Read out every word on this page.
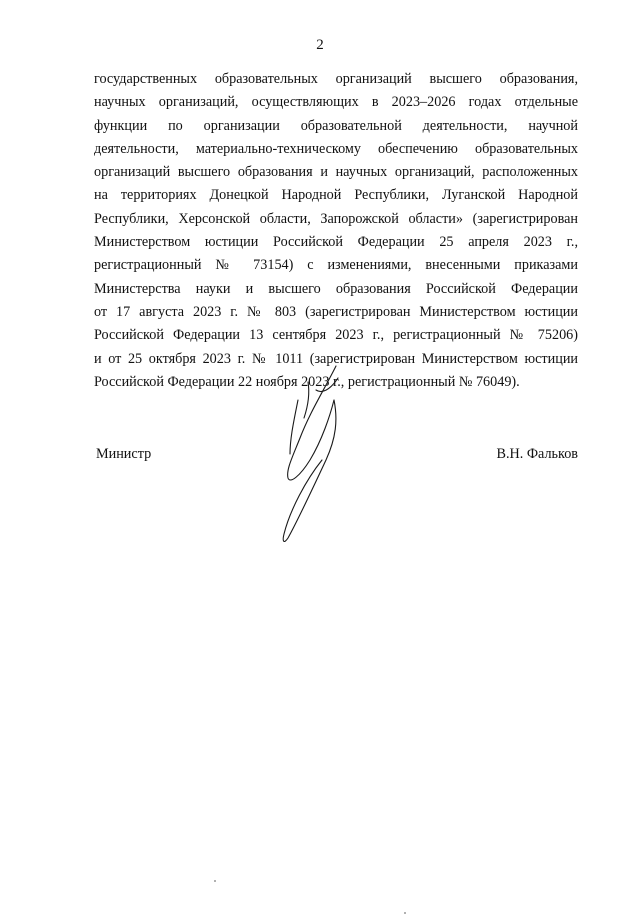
2
государственных образовательных организаций высшего образования,
научных организаций, осуществляющих в 2023–2026 годах отдельные
функции по организации образовательной деятельности, научной
деятельности, материально-техническому обеспечению образовательных
организаций высшего образования и научных организаций, расположенных
на территориях Донецкой Народной Республики, Луганской Народной
Республики, Херсонской области, Запорожской области» (зарегистрирован
Министерством юстиции Российской Федерации 25 апреля 2023 г.,
регистрационный № 73154) с изменениями, внесенными приказами
Министерства науки и высшего образования Российской Федерации
от 17 августа 2023 г. № 803 (зарегистрирован Министерством юстиции
Российской Федерации 13 сентября 2023 г., регистрационный № 75206)
и от 25 октября 2023 г. № 1011 (зарегистрирован Министерством юстиции
Российской Федерации 22 ноября 2023 г., регистрационный № 76049).
Министр	В.Н. Фальков
